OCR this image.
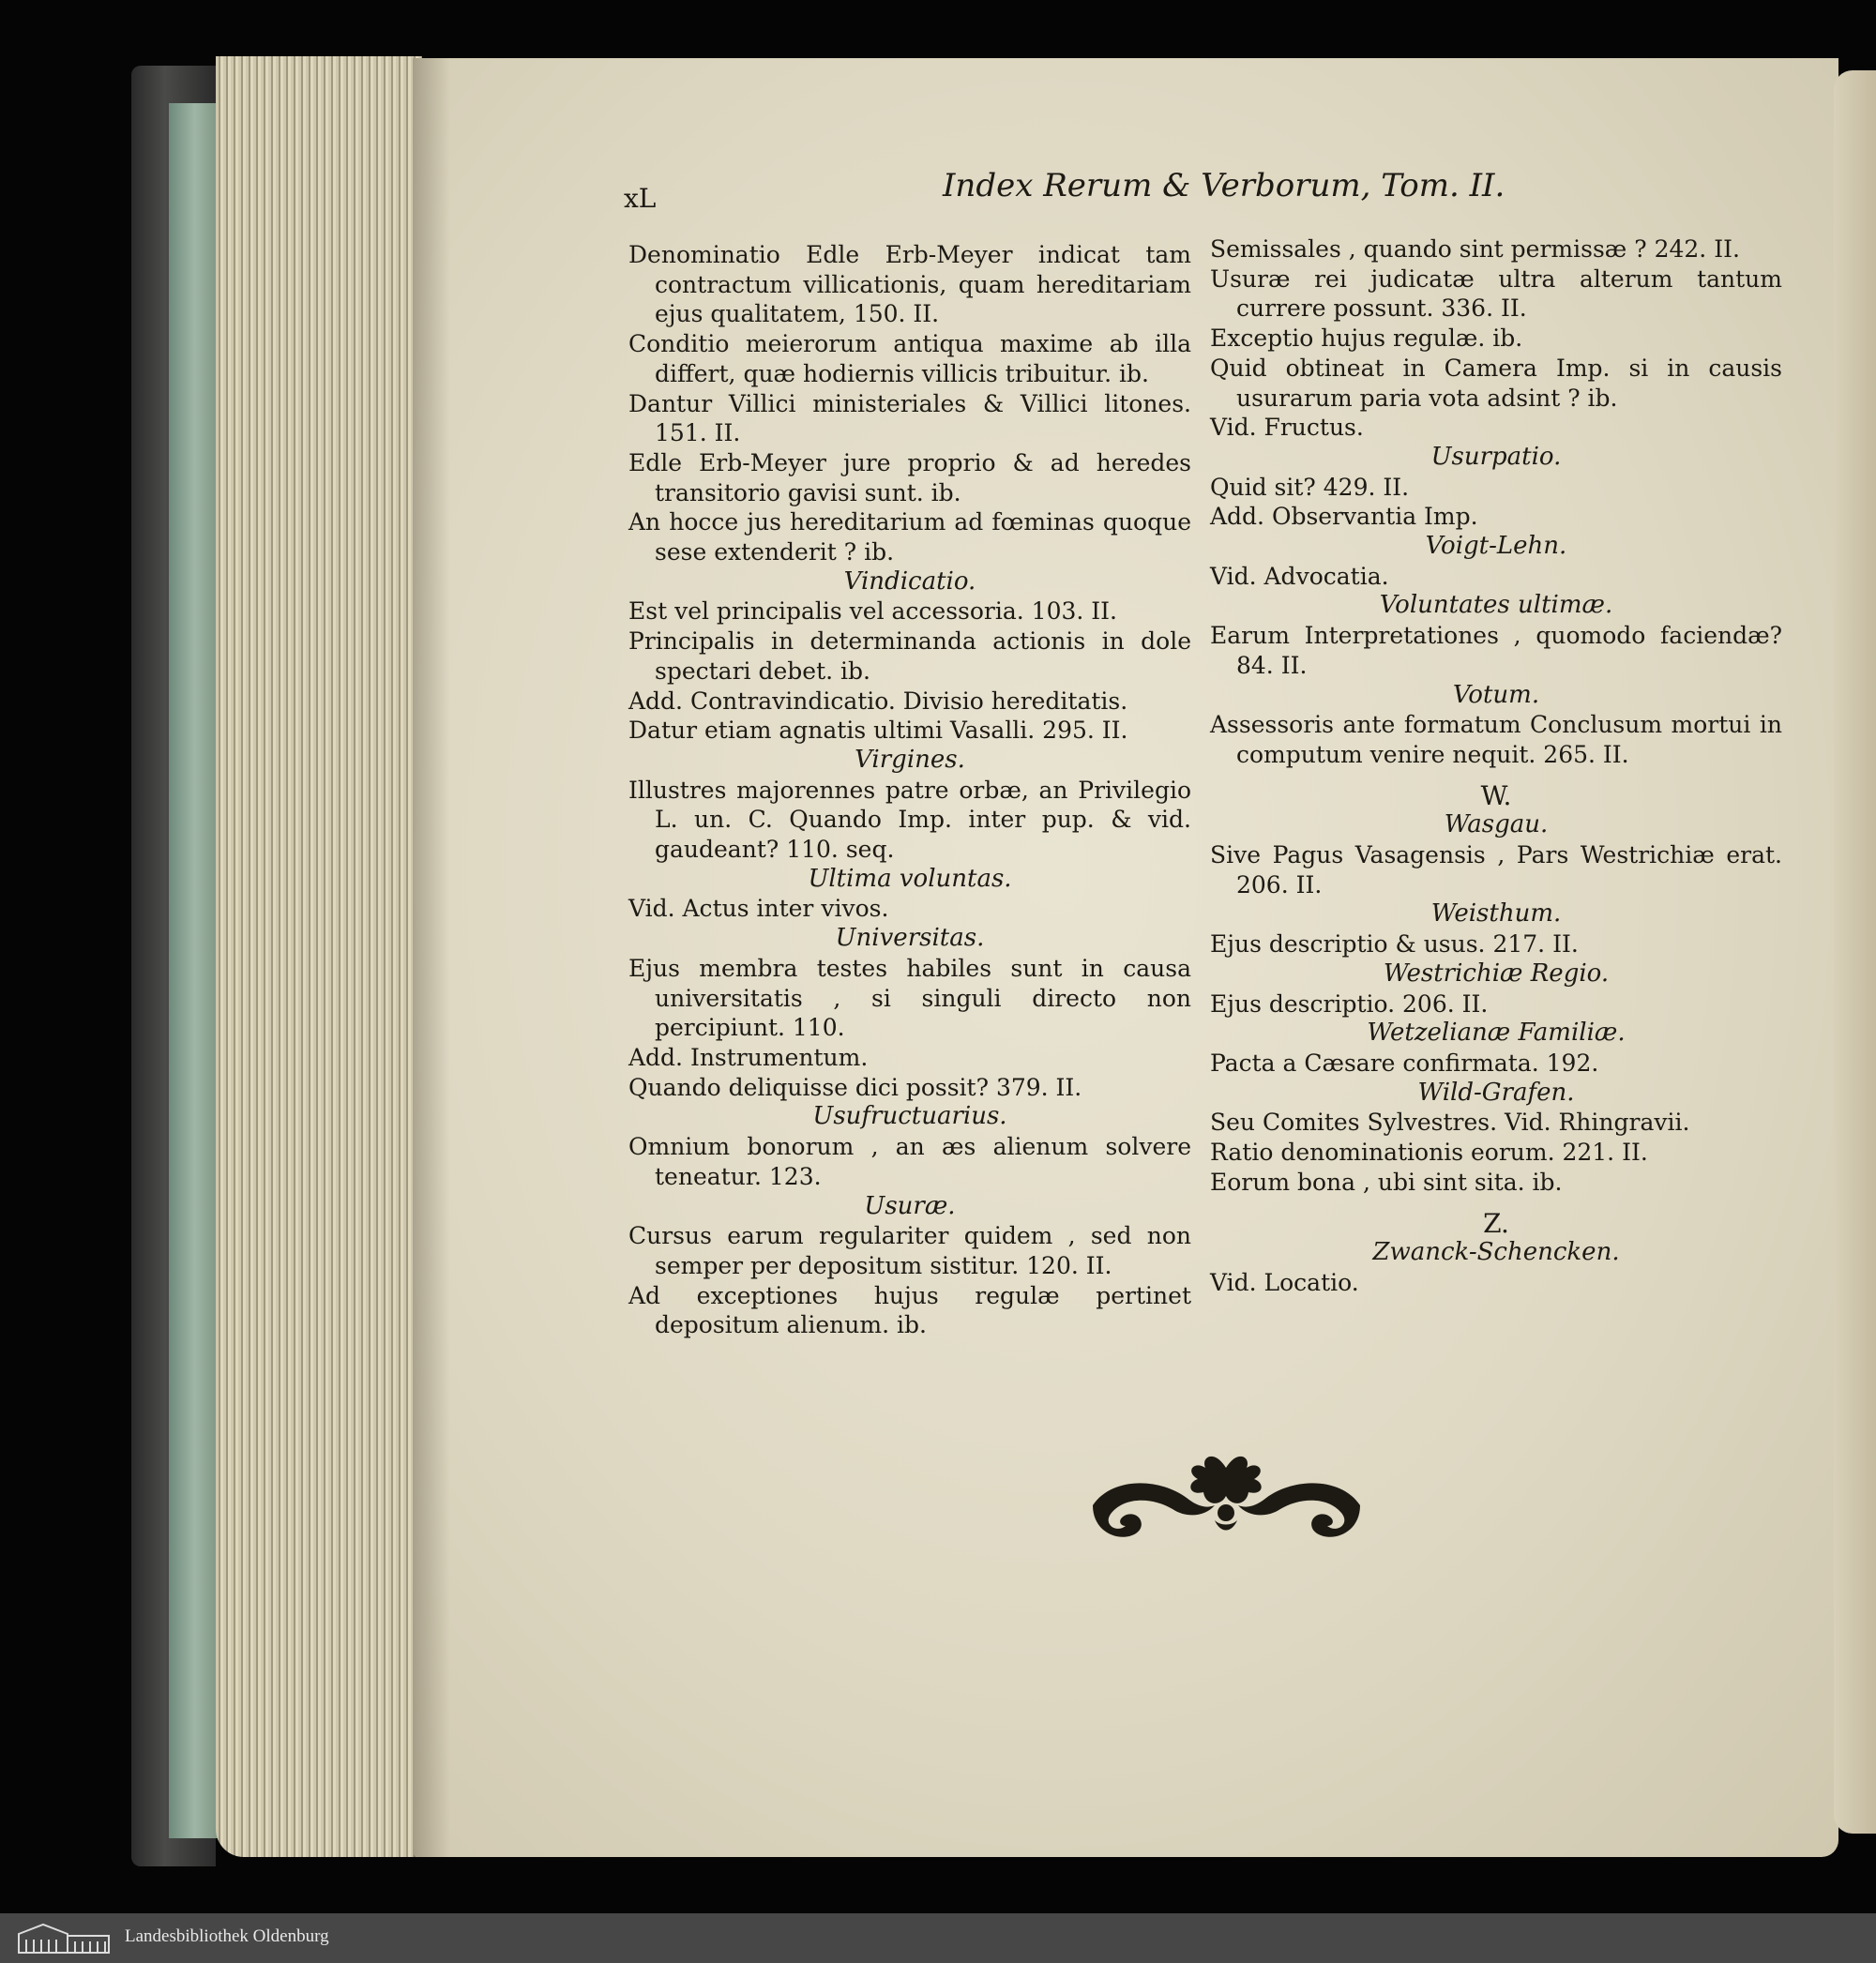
xL	Index Rerum & Verborum, Tom. II.

Denominatio Edle Erb-Meyer indicat tam contractum villicationis, quam hereditariam ejus qualitatem, 150. II.

Conditio meierorum antiqua maxime ab illa differt, quæ hodiernis villicis tribuitur. ib.

Dantur Villici ministeriales & Villici litones. 151. II.

Edle Erb-Meyer jure proprio & ad heredes transitorio gavisi sunt. ib.

An hocce jus hereditarium ad fœminas quoque sese extenderit ? ib.

Vindicatio.

Est vel principalis vel accessoria. 103. II.

Principalis in determinanda actionis in dole spectari debet. ib.

Add. Contravindicatio. Divisio hereditatis.

Datur etiam agnatis ultimi Vasalli. 295. II.

Virgines.

Illustres majorennes patre orbæ, an Privilegio L. un. C. Quando Imp. inter pup. & vid. gaudeant? 110. seq.

Ultima voluntas.

Vid. Actus inter vivos.

Universitas.

Ejus membra testes habiles sunt in causa universitatis , si singuli directo non percipiunt. 110.

Add. Instrumentum.

Quando deliquisse dici possit? 379. II.

Usufructuarius.

Omnium bonorum , an æs alienum solvere teneatur. 123.

Usuræ.

Cursus earum regulariter quidem , sed non semper per depositum sistitur. 120. II.

Ad exceptiones hujus regulæ pertinet depositum alienum. ib.

Semissales , quando sint permissæ ? 242. II.

Usuræ rei judicatæ ultra alterum tantum currere possunt. 336. II.

Exceptio hujus regulæ. ib.

Quid obtineat in Camera Imp. si in causis usurarum paria vota adsint ? ib.

Vid. Fructus.

Usurpatio.

Quid sit? 429. II.

Add. Observantia Imp.

Voigt-Lehn.

Vid. Advocatia.

Voluntates ultimæ.

Earum Interpretationes , quomodo faciendæ? 84. II.

Votum.

Assessoris ante formatum Conclusum mortui in computum venire nequit. 265. II.

W.

Wasgau.

Sive Pagus Vasagensis , Pars Westrichiæ erat. 206. II.

Weisthum.

Ejus descriptio & usus. 217. II.

Westrichiæ Regio.

Ejus descriptio. 206. II.

Wetzelianæ Familiæ.

Pacta a Cæsare confirmata. 192.

Wild-Grafen.

Seu Comites Sylvestres. Vid. Rhingravii.

Ratio denominationis eorum. 221. II.

Eorum bona , ubi sint sita. ib.

Z.

Zwanck-Schencken.

Vid. Locatio.

Landesbibliothek Oldenburg
